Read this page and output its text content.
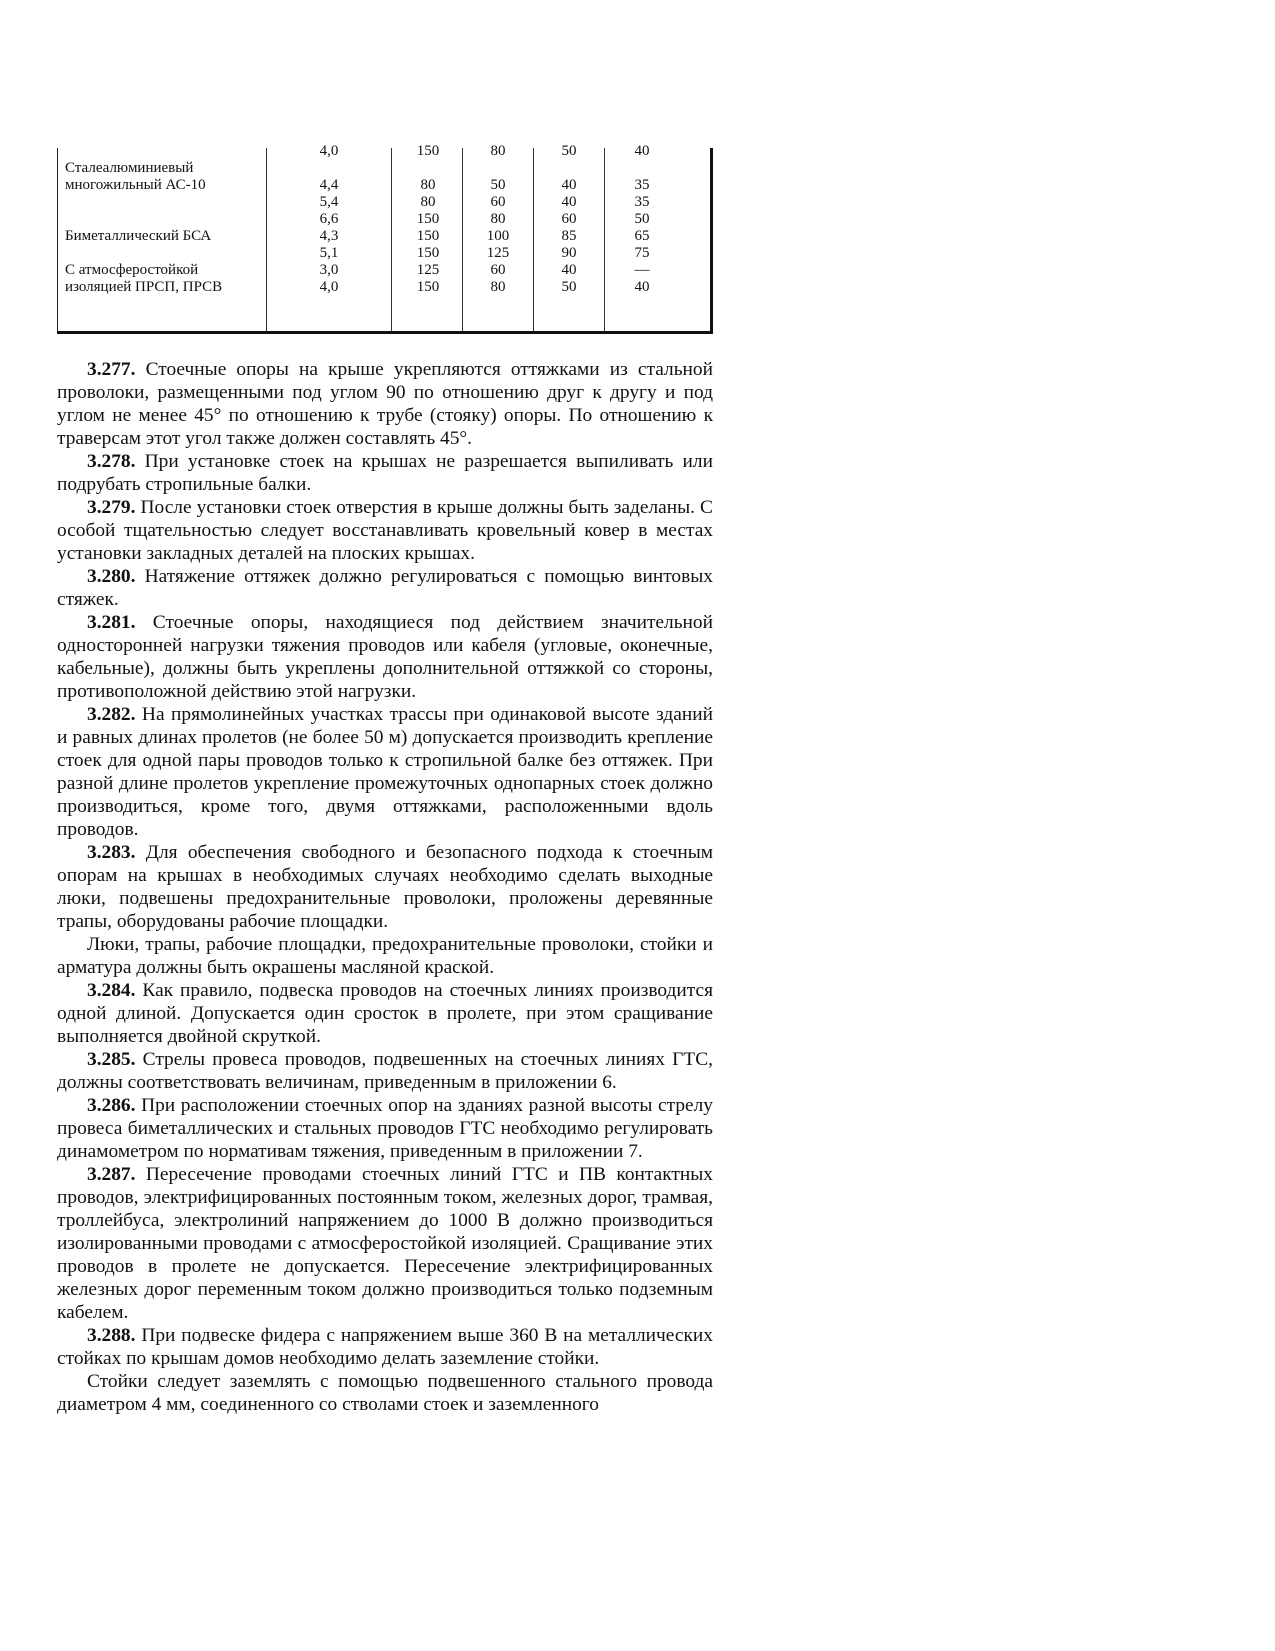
4,0	150	80	50	40
Сталеалюминиевый
многожильный АС-10	4,4	80	50	40	35
5,4	80	60	40	35
6,6	150	80	60	50
Биметаллический БСА	4,3	150	100	85	65
5,1	150	125	90	75
С атмосферостойкой	3,0	125	60	40	—
изоляцией ПРСП, ПРСВ	4,0	150	80	50	40

3.277. Стоечные опоры на крыше укрепляются оттяжками из стальной проволоки, размещенными под углом 90 по отношению друг к другу и под углом не менее 45° по отношению к трубе (стояку) опоры. По отношению к траверсам этот угол также должен составлять 45°.

3.278. При установке стоек на крышах не разрешается выпиливать или подрубать стропильные балки.

3.279. После установки стоек отверстия в крыше должны быть заделаны. С особой тщательностью следует восстанавливать кровельный ковер в местах установки закладных деталей на плоских крышах.

3.280. Натяжение оттяжек должно регулироваться с помощью винтовых стяжек.

3.281. Стоечные опоры, находящиеся под действием значительной односторонней нагрузки тяжения проводов или кабеля (угловые, оконечные, кабельные), должны быть укреплены дополнительной оттяжкой со стороны, противоположной действию этой нагрузки.

3.282. На прямолинейных участках трассы при одинаковой высоте зданий и равных длинах пролетов (не более 50 м) допускается производить крепление стоек для одной пары проводов только к стропильной балке без оттяжек. При разной длине пролетов укрепление промежуточных однопарных стоек должно производиться, кроме того, двумя оттяжками, расположенными вдоль проводов.

3.283. Для обеспечения свободного и безопасного подхода к стоечным опорам на крышах в необходимых случаях необходимо сделать выходные люки, подвешены предохранительные проволоки, проложены деревянные трапы, оборудованы рабочие площадки.

Люки, трапы, рабочие площадки, предохранительные проволоки, стойки и арматура должны быть окрашены масляной краской.

3.284. Как правило, подвеска проводов на стоечных линиях производится одной длиной. Допускается один сросток в пролете, при этом сращивание выполняется двойной скруткой.

3.285. Стрелы провеса проводов, подвешенных на стоечных линиях ГТС, должны соответствовать величинам, приведенным в приложении 6.

3.286. При расположении стоечных опор на зданиях разной высоты стрелу провеса биметаллических и стальных проводов ГТС необходимо регулировать динамометром по нормативам тяжения, приведенным в приложении 7.

3.287. Пересечение проводами стоечных линий ГТС и ПВ контактных проводов, электрифицированных постоянным током, железных дорог, трамвая, троллейбуса, электролиний напряжением до 1000 В должно производиться изолированными проводами с атмосферостойкой изоляцией. Сращивание этих проводов в пролете не допускается. Пересечение электрифицированных железных дорог переменным током должно производиться только подземным кабелем.

3.288. При подвеске фидера с напряжением выше 360 В на металлических стойках по крышам домов необходимо делать заземление стойки.

Стойки следует заземлять с помощью подвешенного стального провода диаметром 4 мм, соединенного со стволами стоек и заземленного
